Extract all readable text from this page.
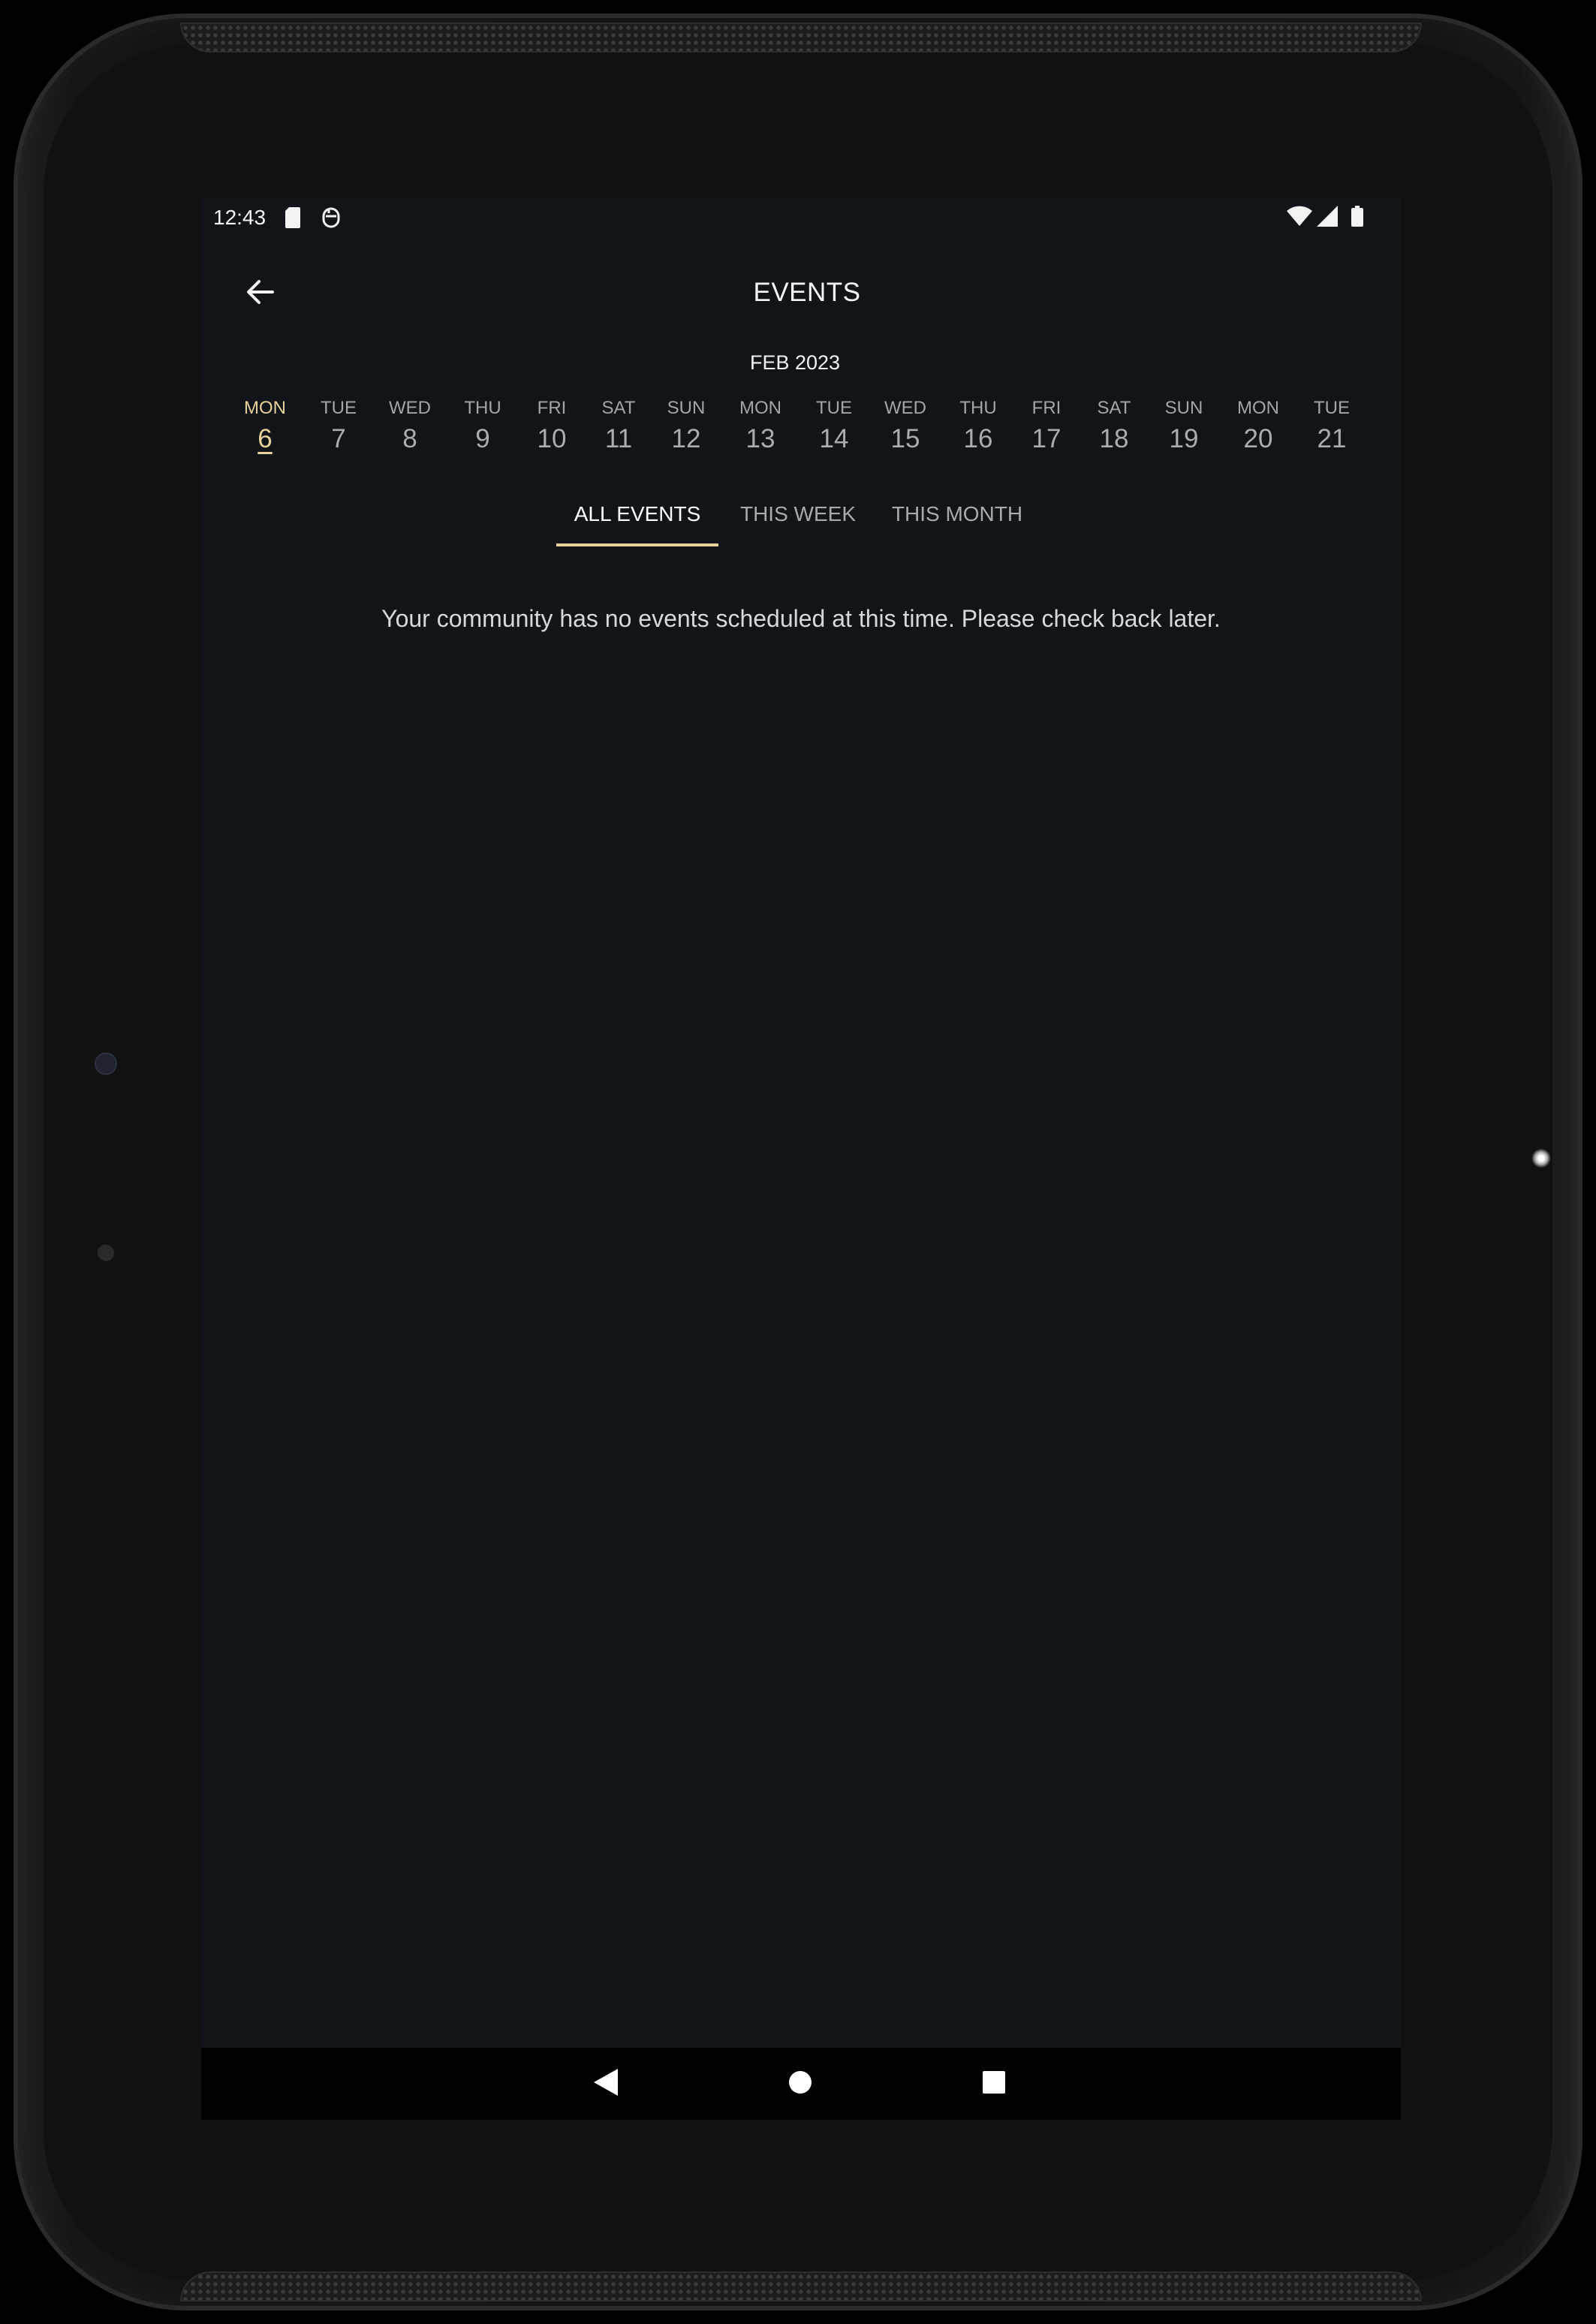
12:43
EVENTS
FEB 2023
MON
6
TUE
7
WED
8
THU
9
FRI
10
SAT
11
SUN
12
MON
13
TUE
14
WED
15
THU
16
FRI
17
SAT
18
SUN
19
MON
20
TUE
21
ALL EVENTS	THIS WEEK	THIS MONTH
Your community has no events scheduled at this time. Please check back later.
